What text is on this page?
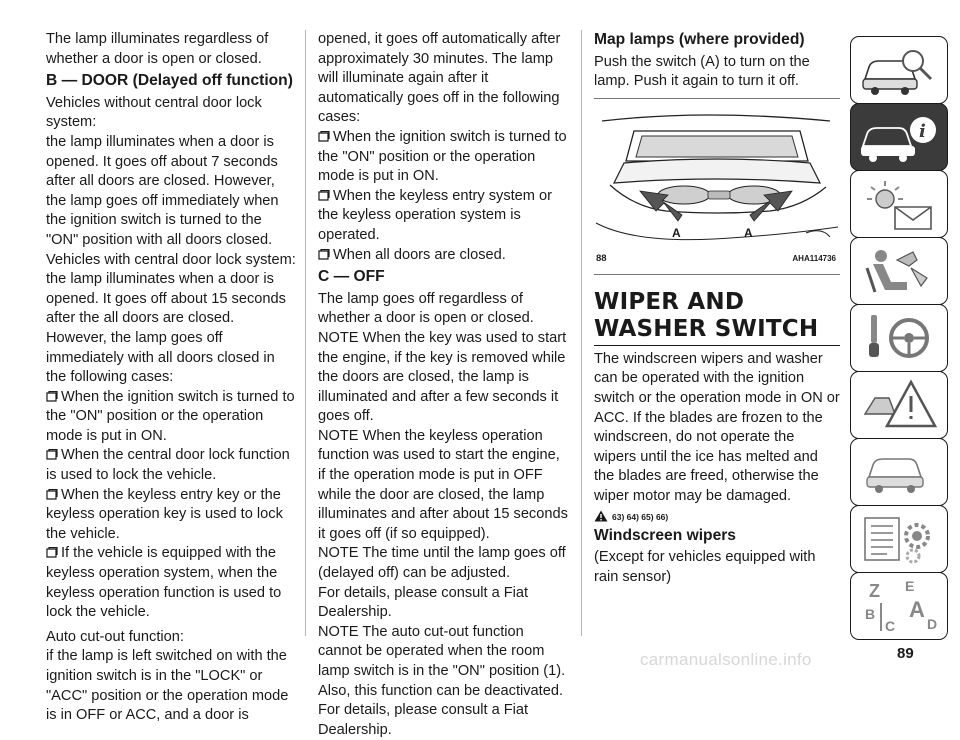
The lamp illuminates regardless of whether a door is open or closed.

B — DOOR (Delayed off function)

Vehicles without central door lock system:

the lamp illuminates when a door is opened. It goes off about 7 seconds after all doors are closed. However, the lamp goes off immediately when the ignition switch is turned to the "ON" position with all doors closed.

Vehicles with central door lock system:

the lamp illuminates when a door is opened. It goes off about 15 seconds after the all doors are closed. However, the lamp goes off immediately with all doors closed in the following cases:

When the ignition switch is turned to the "ON" position or the operation mode is put in ON.
When the central door lock function is used to lock the vehicle.
When the keyless entry key or the keyless operation key is used to lock the vehicle.
If the vehicle is equipped with the keyless operation system, when the keyless operation function is used to lock the vehicle.

Auto cut-out function:

if the lamp is left switched on with the ignition switch is in the "LOCK" or "ACC" position or the operation mode is in OFF or ACC, and a door is

opened, it goes off automatically after approximately 30 minutes. The lamp will illuminate again after it automatically goes off in the following cases:

When the ignition switch is turned to the "ON" position or the operation mode is put in ON.
When the keyless entry system or the keyless operation system is operated.
When all doors are closed.
C — OFF

The lamp goes off regardless of whether a door is open or closed.

NOTE When the key was used to start the engine, if the key is removed while the doors are closed, the lamp is illuminated and after a few seconds it goes off.

NOTE When the keyless operation function was used to start the engine, if the operation mode is put in OFF while the door are closed, the lamp illuminates and after about 15 seconds it goes off (if so equipped).

NOTE The time until the lamp goes off (delayed off) can be adjusted.

For details, please consult a Fiat Dealership.

NOTE The auto cut-out function cannot be operated when the room lamp switch is in the "ON" position (1). Also, this function can be deactivated.

For details, please consult a Fiat Dealership.

Map lamps (where provided)

Push the switch (A) to turn on the lamp. Push it again to turn it off.

A	A
88	AHA114736
WIPER AND WASHER SWITCH

The windscreen wipers and washer can be operated with the ignition switch or the operation mode in ON or ACC. If the blades are frozen to the windscreen, do not operate the wipers until the ice has melted and the blades are freed, otherwise the wiper motor may be damaged.

63) 64) 65) 66)
Windscreen wipers

(Except for vehicles equipped with rain sensor)

i
Z E
B A
C D
89
carmanualsonline.info
